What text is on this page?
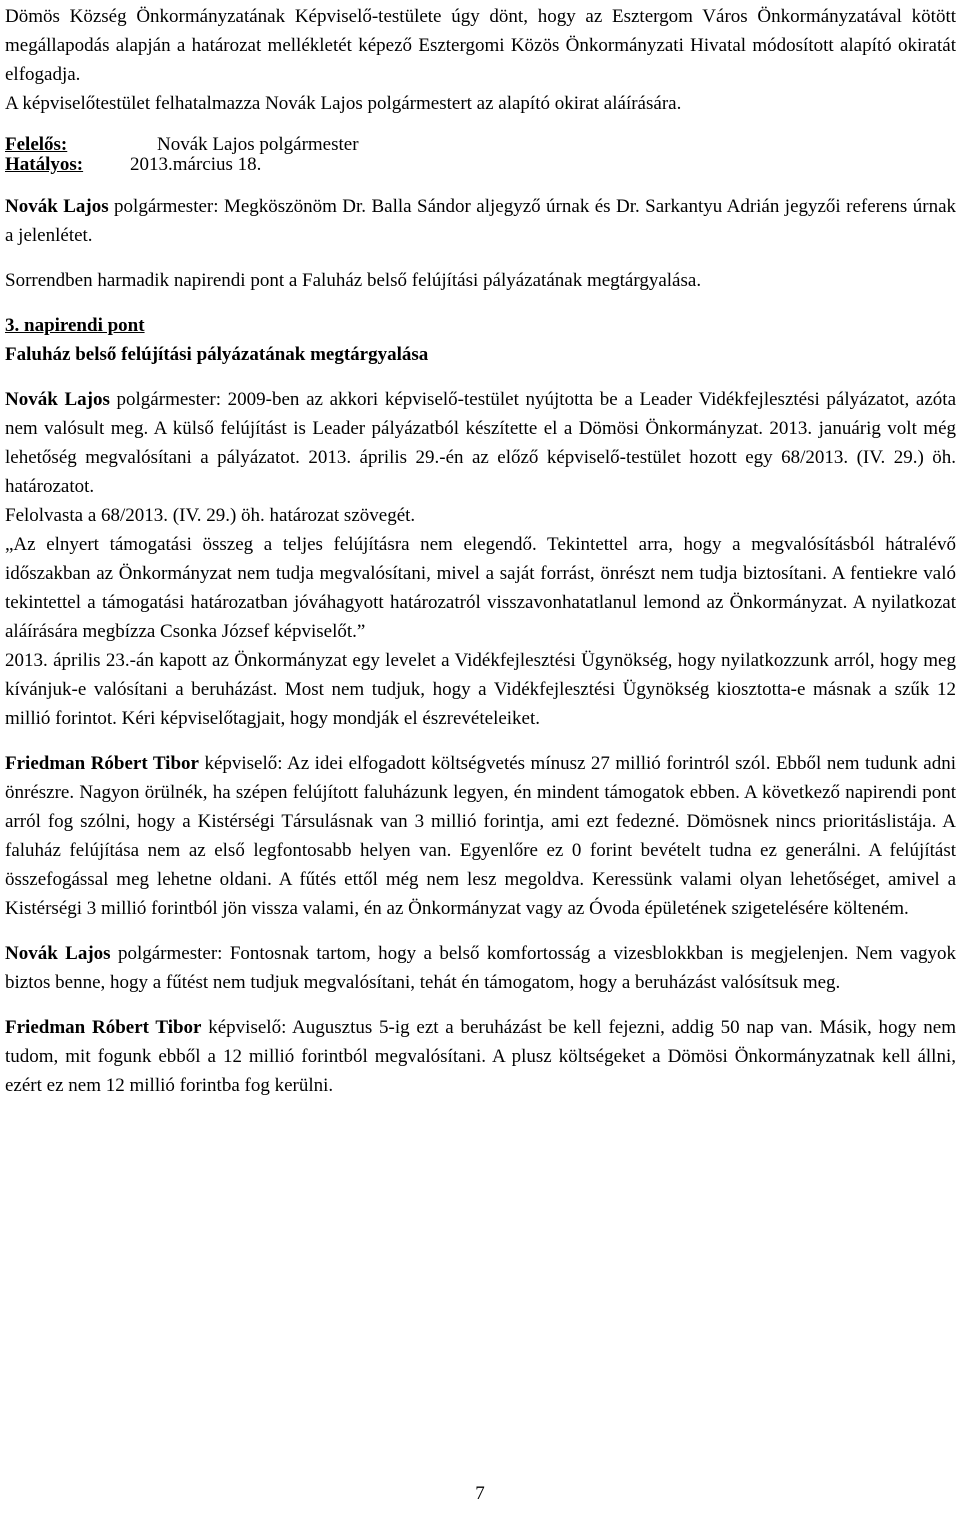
Dömös Község Önkormányzatának Képviselő-testülete úgy dönt, hogy az Esztergom Város Önkormányzatával kötött megállapodás alapján a határozat mellékletét képező Esztergomi Közös Önkormányzati Hivatal módosított alapító okiratát elfogadja.

A képviselőtestület felhatalmazza Novák Lajos polgármestert az alapító okirat aláírására.

Felelős:	Novák Lajos polgármester
Hatályos:	2013.március 18.

Novák Lajos polgármester: Megköszönöm Dr. Balla Sándor aljegyző úrnak és Dr. Sarkantyu Adrián jegyzői referens úrnak a jelenlétet.

Sorrendben harmadik napirendi pont a Faluház belső felújítási pályázatának megtárgyalása.

3. napirendi pont

Faluház belső felújítási pályázatának megtárgyalása

Novák Lajos polgármester: 2009-ben az akkori képviselő-testület nyújtotta be a Leader Vidékfejlesztési pályázatot, azóta nem valósult meg. A külső felújítást is Leader pályázatból készítette el a Dömösi Önkormányzat. 2013. januárig volt még lehetőség megvalósítani a pályázatot. 2013. április 29.-én az előző képviselő-testület hozott egy 68/2013. (IV. 29.) öh. határozatot.

Felolvasta a 68/2013. (IV. 29.) öh. határozat szövegét.

„Az elnyert támogatási összeg a teljes felújításra nem elegendő. Tekintettel arra, hogy a megvalósításból hátralévő időszakban az Önkormányzat nem tudja megvalósítani, mivel a saját forrást, önrészt nem tudja biztosítani. A fentiekre való tekintettel a támogatási határozatban jóváhagyott határozatról visszavonhatatlanul lemond az Önkormányzat. A nyilatkozat aláírására megbízza Csonka József képviselőt.”

2013. április 23.-án kapott az Önkormányzat egy levelet a Vidékfejlesztési Ügynökség, hogy nyilatkozzunk arról, hogy meg kívánjuk-e valósítani a beruházást. Most nem tudjuk, hogy a Vidékfejlesztési Ügynökség kiosztotta-e másnak a szűk 12 millió forintot. Kéri képviselőtagjait, hogy mondják el észrevételeiket.

Friedman Róbert Tibor képviselő: Az idei elfogadott költségvetés mínusz 27 millió forintról szól. Ebből nem tudunk adni önrészre. Nagyon örülnék, ha szépen felújított faluházunk legyen, én mindent támogatok ebben. A következő napirendi pont arról fog szólni, hogy a Kistérségi Társulásnak van 3 millió forintja, ami ezt fedezné. Dömösnek nincs prioritáslistája. A faluház felújítása nem az első legfontosabb helyen van. Egyenlőre ez 0 forint bevételt tudna ez generálni. A felújítást összefogással meg lehetne oldani. A fűtés ettől még nem lesz megoldva. Keressünk valami olyan lehetőséget, amivel a Kistérségi 3 millió forintból jön vissza valami, én az Önkormányzat vagy az Óvoda épületének szigetelésére költeném.

Novák Lajos polgármester: Fontosnak tartom, hogy a belső komfortosság a vizesblokkban is megjelenjen. Nem vagyok biztos benne, hogy a fűtést nem tudjuk megvalósítani, tehát én támogatom, hogy a beruházást valósítsuk meg.

Friedman Róbert Tibor képviselő: Augusztus 5-ig ezt a beruházást be kell fejezni, addig 50 nap van. Másik, hogy nem tudom, mit fogunk ebből a 12 millió forintból megvalósítani. A plusz költségeket a Dömösi Önkormányzatnak kell állni, ezért ez nem 12 millió forintba fog kerülni.

7
